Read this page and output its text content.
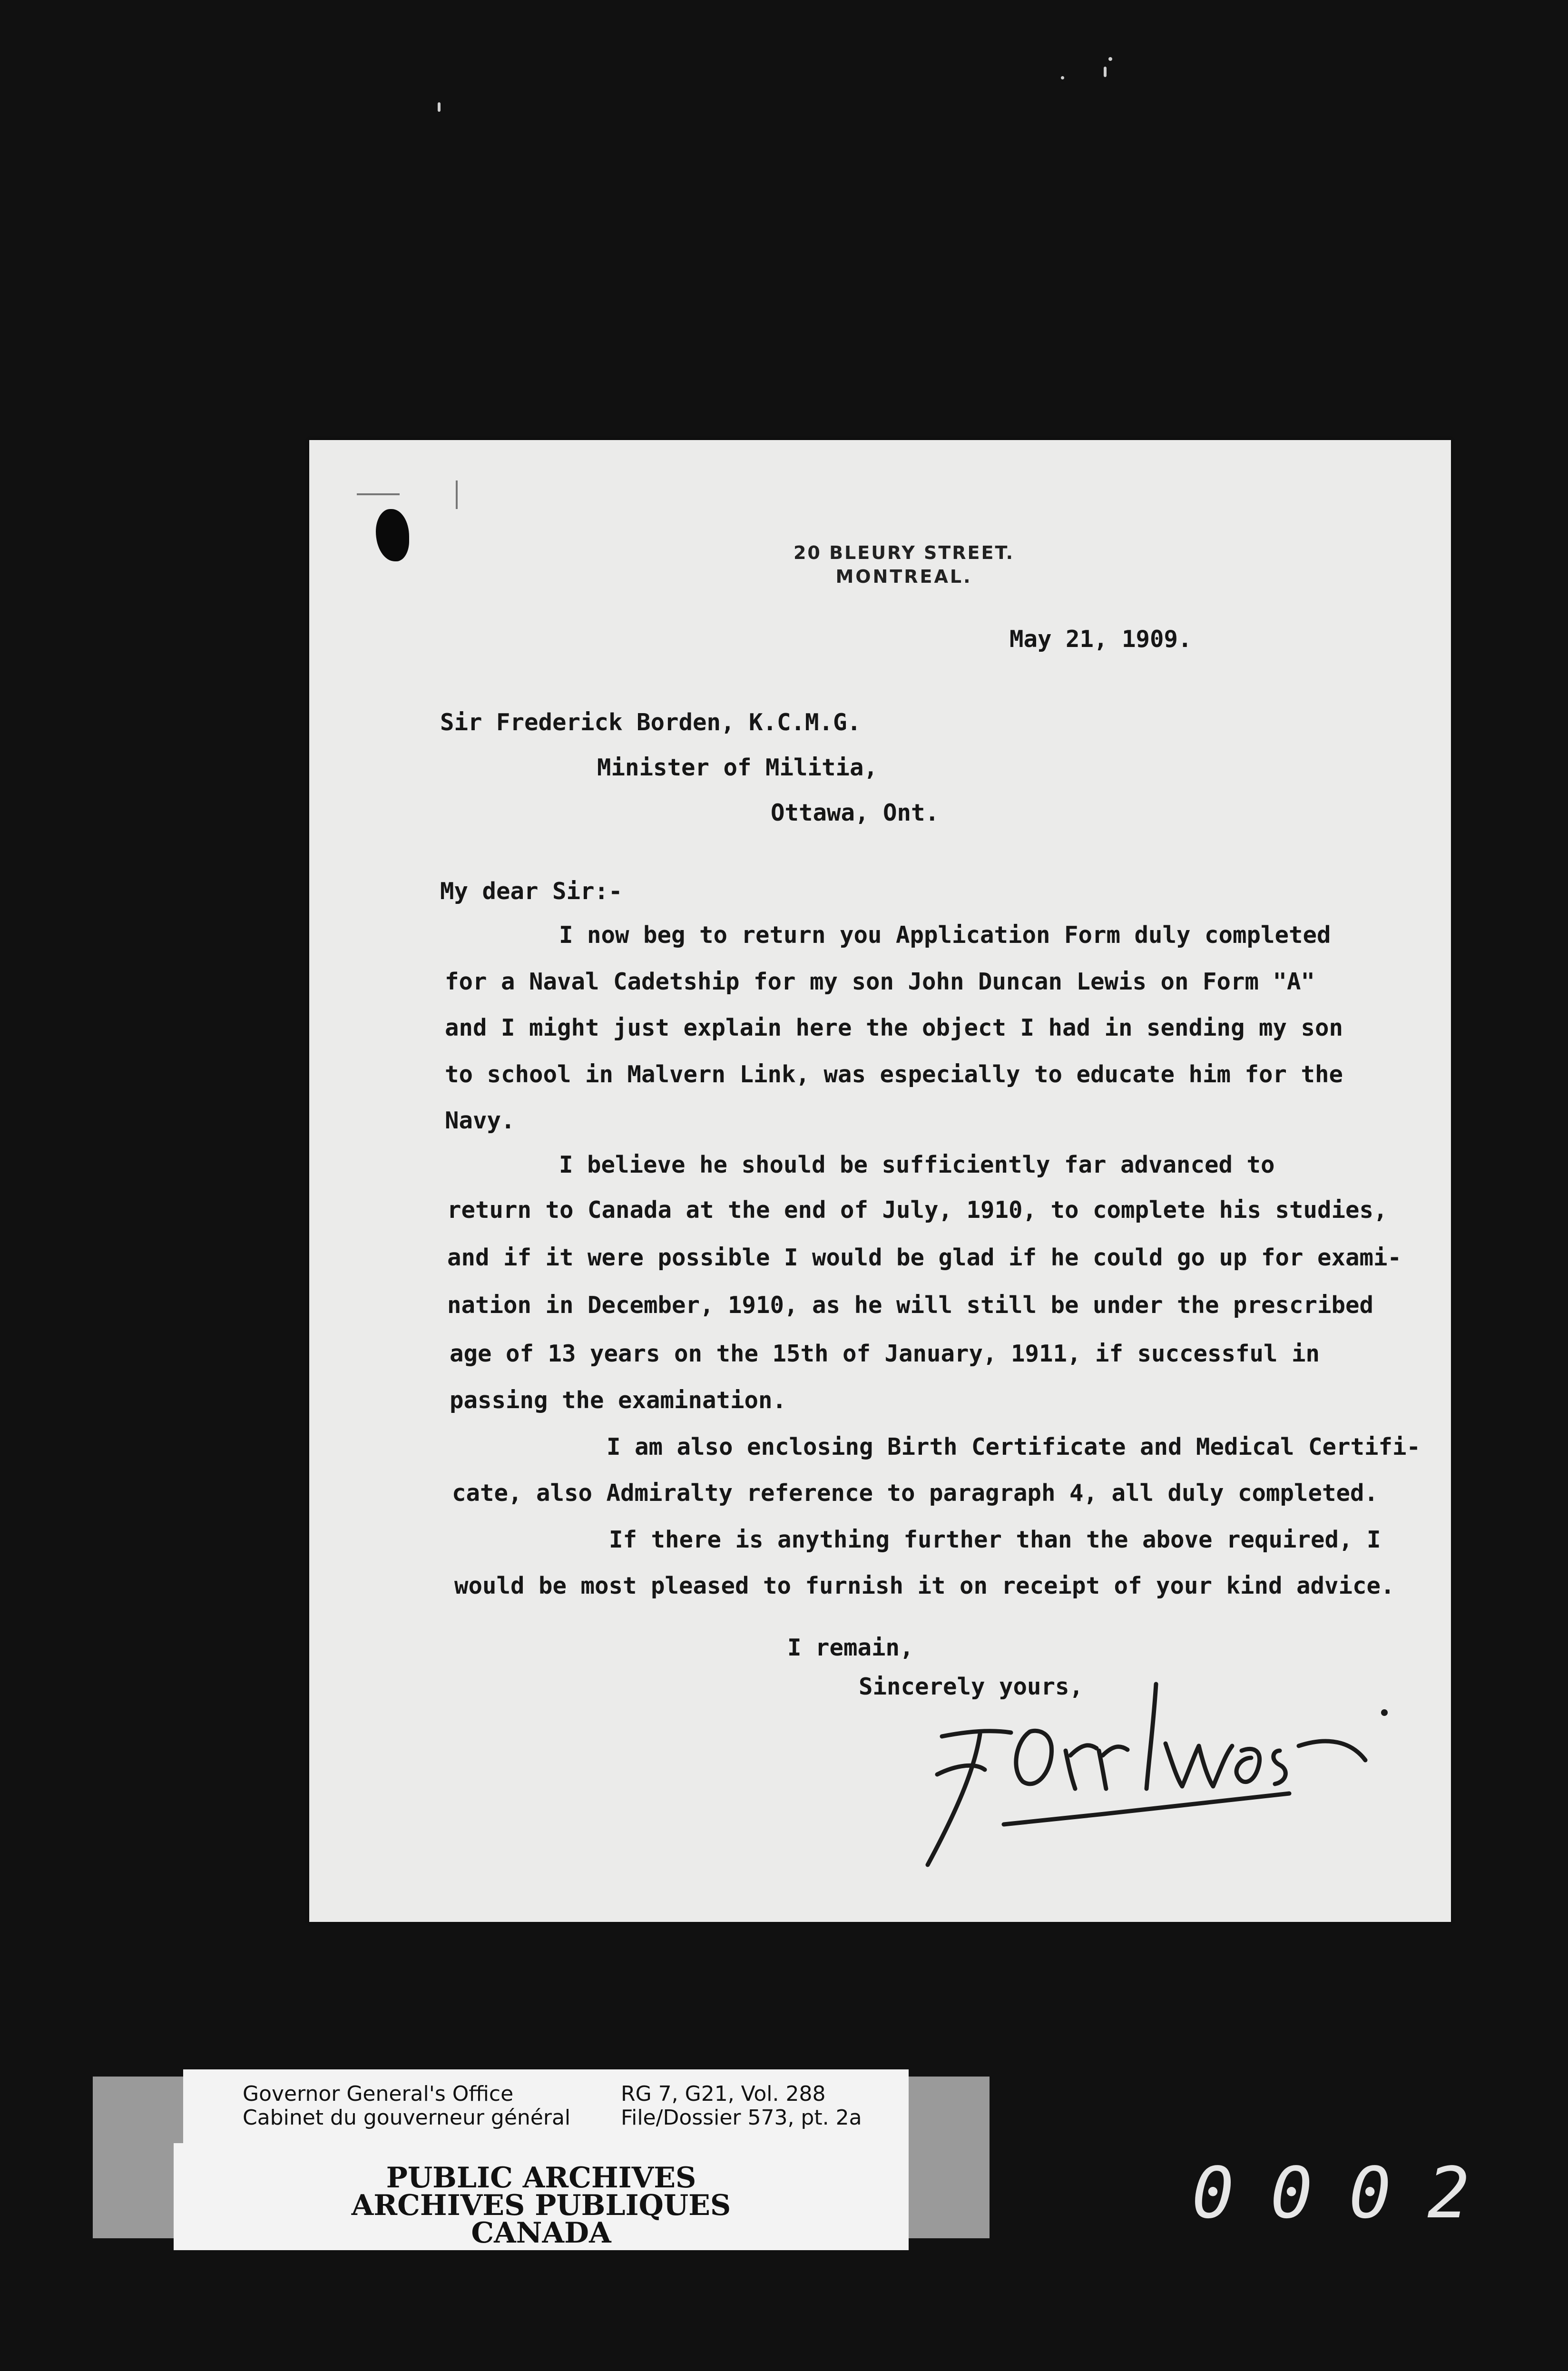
20 BLEURY STREET.
MONTREAL.
May 21, 1909.
Sir Frederick Borden, K.C.M.G.
Minister of Militia,
Ottawa, Ont.
My dear Sir:-
I now beg to return you Application Form duly completed
for a Naval Cadetship for my son John Duncan Lewis on Form "A"
and I might just explain here the object I had in sending my son
to school in Malvern Link, was especially to educate him for the
Navy.
I believe he should be sufficiently far advanced to
return to Canada at the end of July, 1910, to complete his studies,
and if it were possible I would be glad if he could go up for exami-
nation in December, 1910, as he will still be under the prescribed
age of 13 years on the 15th of January, 1911, if successful in
passing the examination.
I am also enclosing Birth Certificate and Medical Certifi-
cate, also Admiralty reference to paragraph 4, all duly completed.
If there is anything further than the above required, I
would be most pleased to furnish it on receipt of your kind advice.
I remain,
Sincerely yours,
Governor General's Office
Cabinet du gouverneur général
RG 7, G21, Vol. 288
File/Dossier 573, pt. 2a
PUBLIC ARCHIVES
ARCHIVES PUBLIQUES
CANADA	0002
